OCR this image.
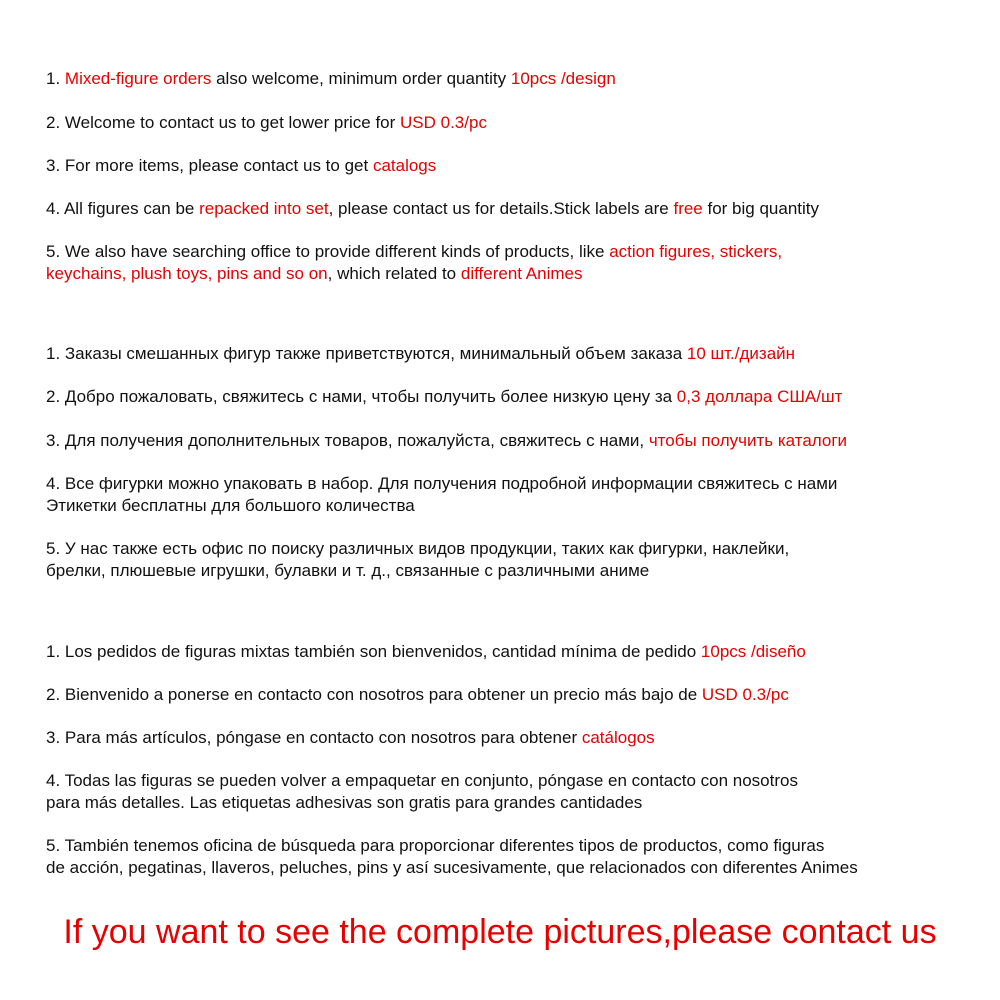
1. Mixed-figure orders also welcome, minimum order quantity 10pcs /design
2. Welcome to contact us to get lower price for USD 0.3/pc
3. For more items, please contact us to get catalogs
4. All figures can be repacked into set, please contact us for details.Stick labels are free for big quantity
5. We also have searching office to provide different kinds of products, like action figures, stickers,
keychains, plush toys, pins and so on, which related to different Animes
1. Заказы смешанных фигур также приветствуются, минимальный объем заказа 10 шт./дизайн
2. Добро пожаловать, свяжитесь с нами, чтобы получить более низкую цену за 0,3 доллара США/шт
3. Для получения дополнительных товаров, пожалуйста, свяжитесь с нами, чтобы получить каталоги
4. Все фигурки можно упаковать в набор. Для получения подробной информации свяжитесь с нами
Этикетки бесплатны для большого количества
5. У нас также есть офис по поиску различных видов продукции, таких как фигурки, наклейки,
брелки, плюшевые игрушки, булавки и т. д., связанные с различными аниме
1. Los pedidos de figuras mixtas también son bienvenidos, cantidad mínima de pedido 10pcs /diseño
2. Bienvenido a ponerse en contacto con nosotros para obtener un precio más bajo de USD 0.3/pc
3. Para más artículos, póngase en contacto con nosotros para obtener catálogos
4. Todas las figuras se pueden volver a empaquetar en conjunto, póngase en contacto con nosotros
para más detalles. Las etiquetas adhesivas son gratis para grandes cantidades
5. También tenemos oficina de búsqueda para proporcionar diferentes tipos de productos, como figuras
de acción, pegatinas, llaveros, peluches, pins y así sucesivamente, que relacionados con diferentes Animes
If you want to see the complete pictures,please contact us
